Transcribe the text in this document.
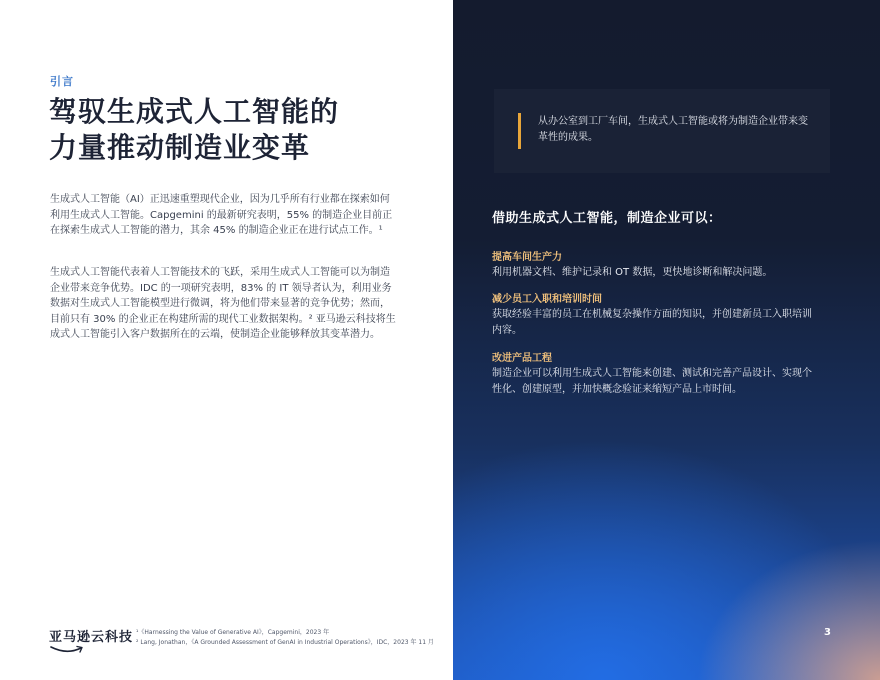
引言
驾驭生成式人工智能的
力量推动制造业变革

生成式人工智能（AI）正迅速重塑现代企业，因为几乎所有行业都在探索如何利用生成式人工智能。Capgemini 的最新研究表明，55% 的制造企业目前正在探索生成式人工智能的潜力，其余 45% 的制造企业正在进行试点工作。¹

生成式人工智能代表着人工智能技术的飞跃，采用生成式人工智能可以为制造企业带来竞争优势。IDC 的一项研究表明，83% 的 IT 领导者认为，利用业务数据对生成式人工智能模型进行微调，将为他们带来显著的竞争优势；然而，目前只有 30% 的企业正在构建所需的现代工业数据架构。² 亚马逊云科技将生成式人工智能引入客户数据所在的云端，使制造企业能够释放其变革潜力。

亚马逊云科技 ¹《Harnessing the Value of Generative AI》，Capgemini，2023 年
² Lang, Jonathan，《A Grounded Assessment of GenAI in Industrial Operations》，IDC，2023 年 11 月
从办公室到工厂车间，生成式人工智能或将为制造企业带来变革性的成果。
借助生成式人工智能，制造企业可以：
提高车间生产力
利用机器文档、维护记录和 OT 数据，更快地诊断和解决问题。
减少员工入职和培训时间
获取经验丰富的员工在机械复杂操作方面的知识，并创建新员工入职培训内容。
改进产品工程
制造企业可以利用生成式人工智能来创建、测试和完善产品设计、实现个性化、创建原型，并加快概念验证来缩短产品上市时间。
3
